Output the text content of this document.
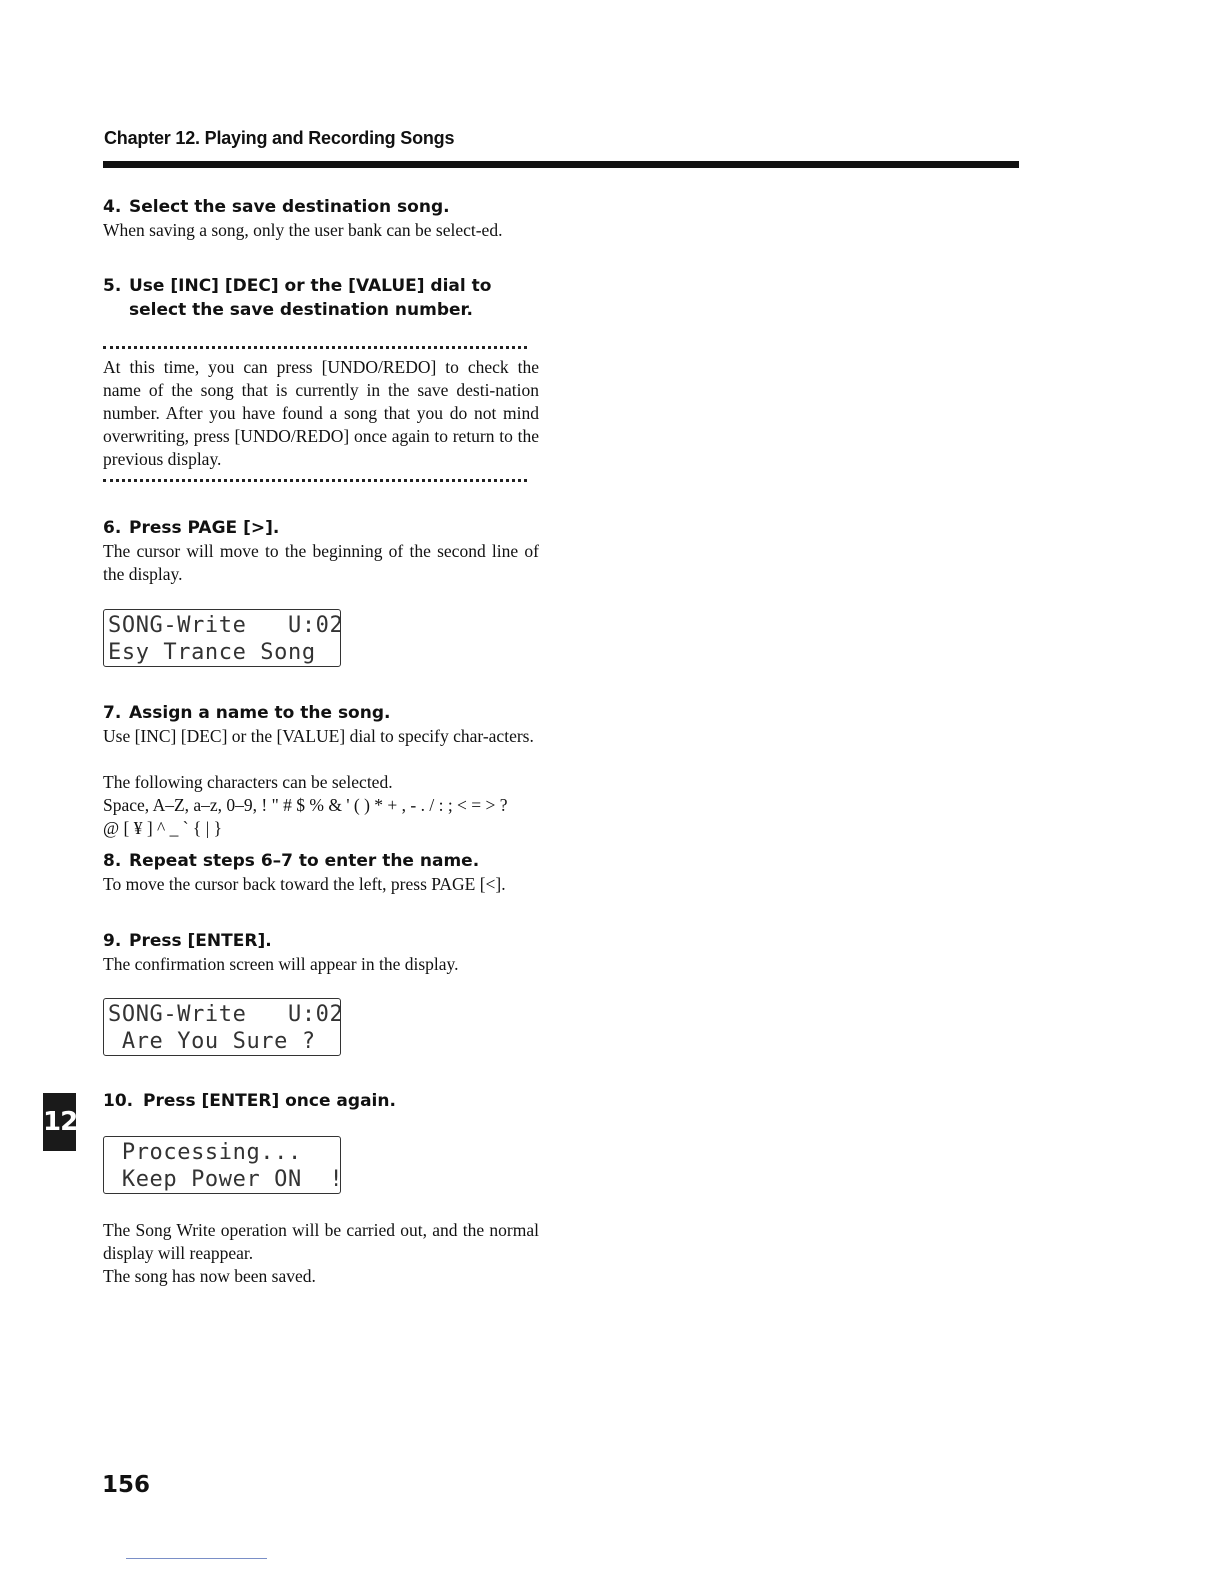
Chapter 12. Playing and Recording Songs
4. Select the save destination song.

When saving a song, only the user bank can be select-ed.

5. Use [INC] [DEC] or the [VALUE] dial to select the save destination number.

At this time, you can press [UNDO/REDO] to check the name of the song that is currently in the save desti-nation number. After you have found a song that you do not mind overwriting, press [UNDO/REDO] once again to return to the previous display.

6. Press PAGE [>].

The cursor will move to the beginning of the second line of the display.

SONG-Write   U:02
Esy Trance Song
7. Assign a name to the song.

Use [INC] [DEC] or the [VALUE] dial to specify char-acters.

The following characters can be selected.

Space, A–Z, a–z, 0–9, ! " # $ % & ' ( ) * + , - . / : ; < = > ?

@ [ ¥ ] ^ _ ` { | }

8. Repeat steps 6–7 to enter the name.

To move the cursor back toward the left, press PAGE [<].

9. Press [ENTER].

The confirmation screen will appear in the display.

SONG-Write   U:02
Are You Sure ?
10. Press [ENTER] once again.
Processing...
Keep Power ON  !

The Song Write operation will be carried out, and the normal display will reappear.

The song has now been saved.

12
156
